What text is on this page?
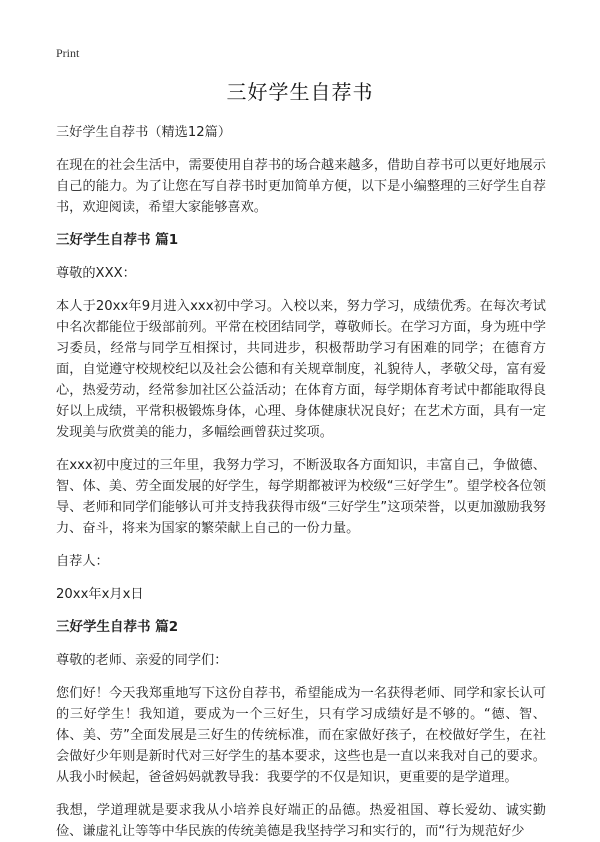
Print
三好学生自荐书

三好学生自荐书（精选12篇）

在现在的社会生活中，需要使用自荐书的场合越来越多，借助自荐书可以更好地展示自己的能力。为了让您在写自荐书时更加简单方便，以下是小编整理的三好学生自荐书，欢迎阅读，希望大家能够喜欢。

三好学生自荐书 篇1

尊敬的XXX：

本人于20xx年9月进入xxx初中学习。入校以来，努力学习，成绩优秀。在每次考试中名次都能位于级部前列。平常在校团结同学，尊敬师长。在学习方面，身为班中学习委员，经常与同学互相探讨，共同进步，积极帮助学习有困难的同学；在德育方面，自觉遵守校规校纪以及社会公德和有关规章制度，礼貌待人，孝敬父母，富有爱心，热爱劳动，经常参加社区公益活动；在体育方面，每学期体育考试中都能取得良好以上成绩，平常积极锻炼身体，心理、身体健康状况良好；在艺术方面，具有一定发现美与欣赏美的能力，多幅绘画曾获过奖项。

在xxx初中度过的三年里，我努力学习，不断汲取各方面知识，丰富自己，争做德、智、体、美、劳全面发展的好学生，每学期都被评为校级“三好学生”。望学校各位领导、老师和同学们能够认可并支持我获得市级“三好学生”这项荣誉，以更加激励我努力、奋斗，将来为国家的繁荣献上自己的一份力量。

自荐人：

20xx年x月x日

三好学生自荐书 篇2

尊敬的老师、亲爱的同学们：

您们好！今天我郑重地写下这份自荐书，希望能成为一名获得老师、同学和家长认可的三好学生！我知道，要成为一个三好生，只有学习成绩好是不够的。“德、智、体、美、劳”全面发展是三好生的传统标准，而在家做好孩子，在校做好学生，在社会做好少年则是新时代对三好学生的基本要求，这些也是一直以来我对自己的要求。从我小时候起，爸爸妈妈就教导我：我要学的不仅是知识，更重要的是学道理。

我想，学道理就是要求我从小培养良好端正的品德。热爱祖国、尊长爱幼、诚实勤俭、谦虚礼让等等中华民族的传统美德是我坚持学习和实行的，而“行为规范好少
